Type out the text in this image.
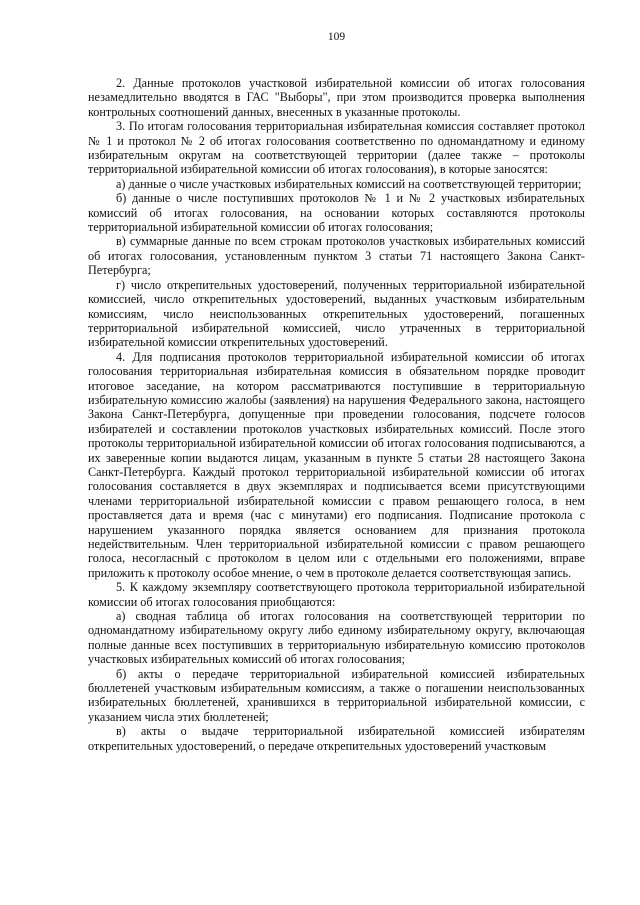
109

2. Данные протоколов участковой избирательной комиссии об итогах голосования незамедлительно вводятся в ГАС "Выборы", при этом производится проверка выполнения контрольных соотношений данных, внесенных в указанные протоколы.

3. По итогам голосования территориальная избирательная комиссия составляет протокол № 1 и протокол № 2 об итогах голосования соответственно по одномандатному и единому избирательным округам на соответствующей территории (далее также – протоколы территориальной избирательной комиссии об итогах голосования), в которые заносятся:

а) данные о числе участковых избирательных комиссий на соответствующей территории;

б) данные о числе поступивших протоколов № 1 и № 2 участковых избирательных комиссий об итогах голосования, на основании которых составляются протоколы территориальной избирательной комиссии об итогах голосования;

в) суммарные данные по всем строкам протоколов участковых избирательных комиссий об итогах голосования, установленным пунктом 3 статьи 71 настоящего Закона Санкт-Петербурга;

г) число открепительных удостоверений, полученных территориальной избирательной комиссией, число открепительных удостоверений, выданных участковым избирательным комиссиям, число неиспользованных открепительных удостоверений, погашенных территориальной избирательной комиссией, число утраченных в территориальной избирательной комиссии открепительных удостоверений.

4. Для подписания протоколов территориальной избирательной комиссии об итогах голосования территориальная избирательная комиссия в обязательном порядке проводит итоговое заседание, на котором рассматриваются поступившие в территориальную избирательную комиссию жалобы (заявления) на нарушения Федерального закона, настоящего Закона Санкт-Петербурга, допущенные при проведении голосования, подсчете голосов избирателей и составлении протоколов участковых избирательных комиссий. После этого протоколы территориальной избирательной комиссии об итогах голосования подписываются, а их заверенные копии выдаются лицам, указанным в пункте 5 статьи 28 настоящего Закона Санкт-Петербурга. Каждый протокол территориальной избирательной комиссии об итогах голосования составляется в двух экземплярах и подписывается всеми присутствующими членами территориальной избирательной комиссии с правом решающего голоса, в нем проставляется дата и время (час с минутами) его подписания. Подписание протокола с нарушением указанного порядка является основанием для признания протокола недействительным. Член территориальной избирательной комиссии с правом решающего голоса, несогласный с протоколом в целом или с отдельными его положениями, вправе приложить к протоколу особое мнение, о чем в протоколе делается соответствующая запись.

5. К каждому экземпляру соответствующего протокола территориальной избирательной комиссии об итогах голосования приобщаются:

а) сводная таблица об итогах голосования на соответствующей территории по одномандатному избирательному округу либо единому избирательному округу, включающая полные данные всех поступивших в территориальную избирательную комиссию протоколов участковых избирательных комиссий об итогах голосования;

б) акты о передаче территориальной избирательной комиссией избирательных бюллетеней участковым избирательным комиссиям, а также о погашении неиспользованных избирательных бюллетеней, хранившихся в территориальной избирательной комиссии, с указанием числа этих бюллетеней;

в) акты о выдаче территориальной избирательной комиссией избирателям открепительных удостоверений, о передаче открепительных удостоверений участковым
